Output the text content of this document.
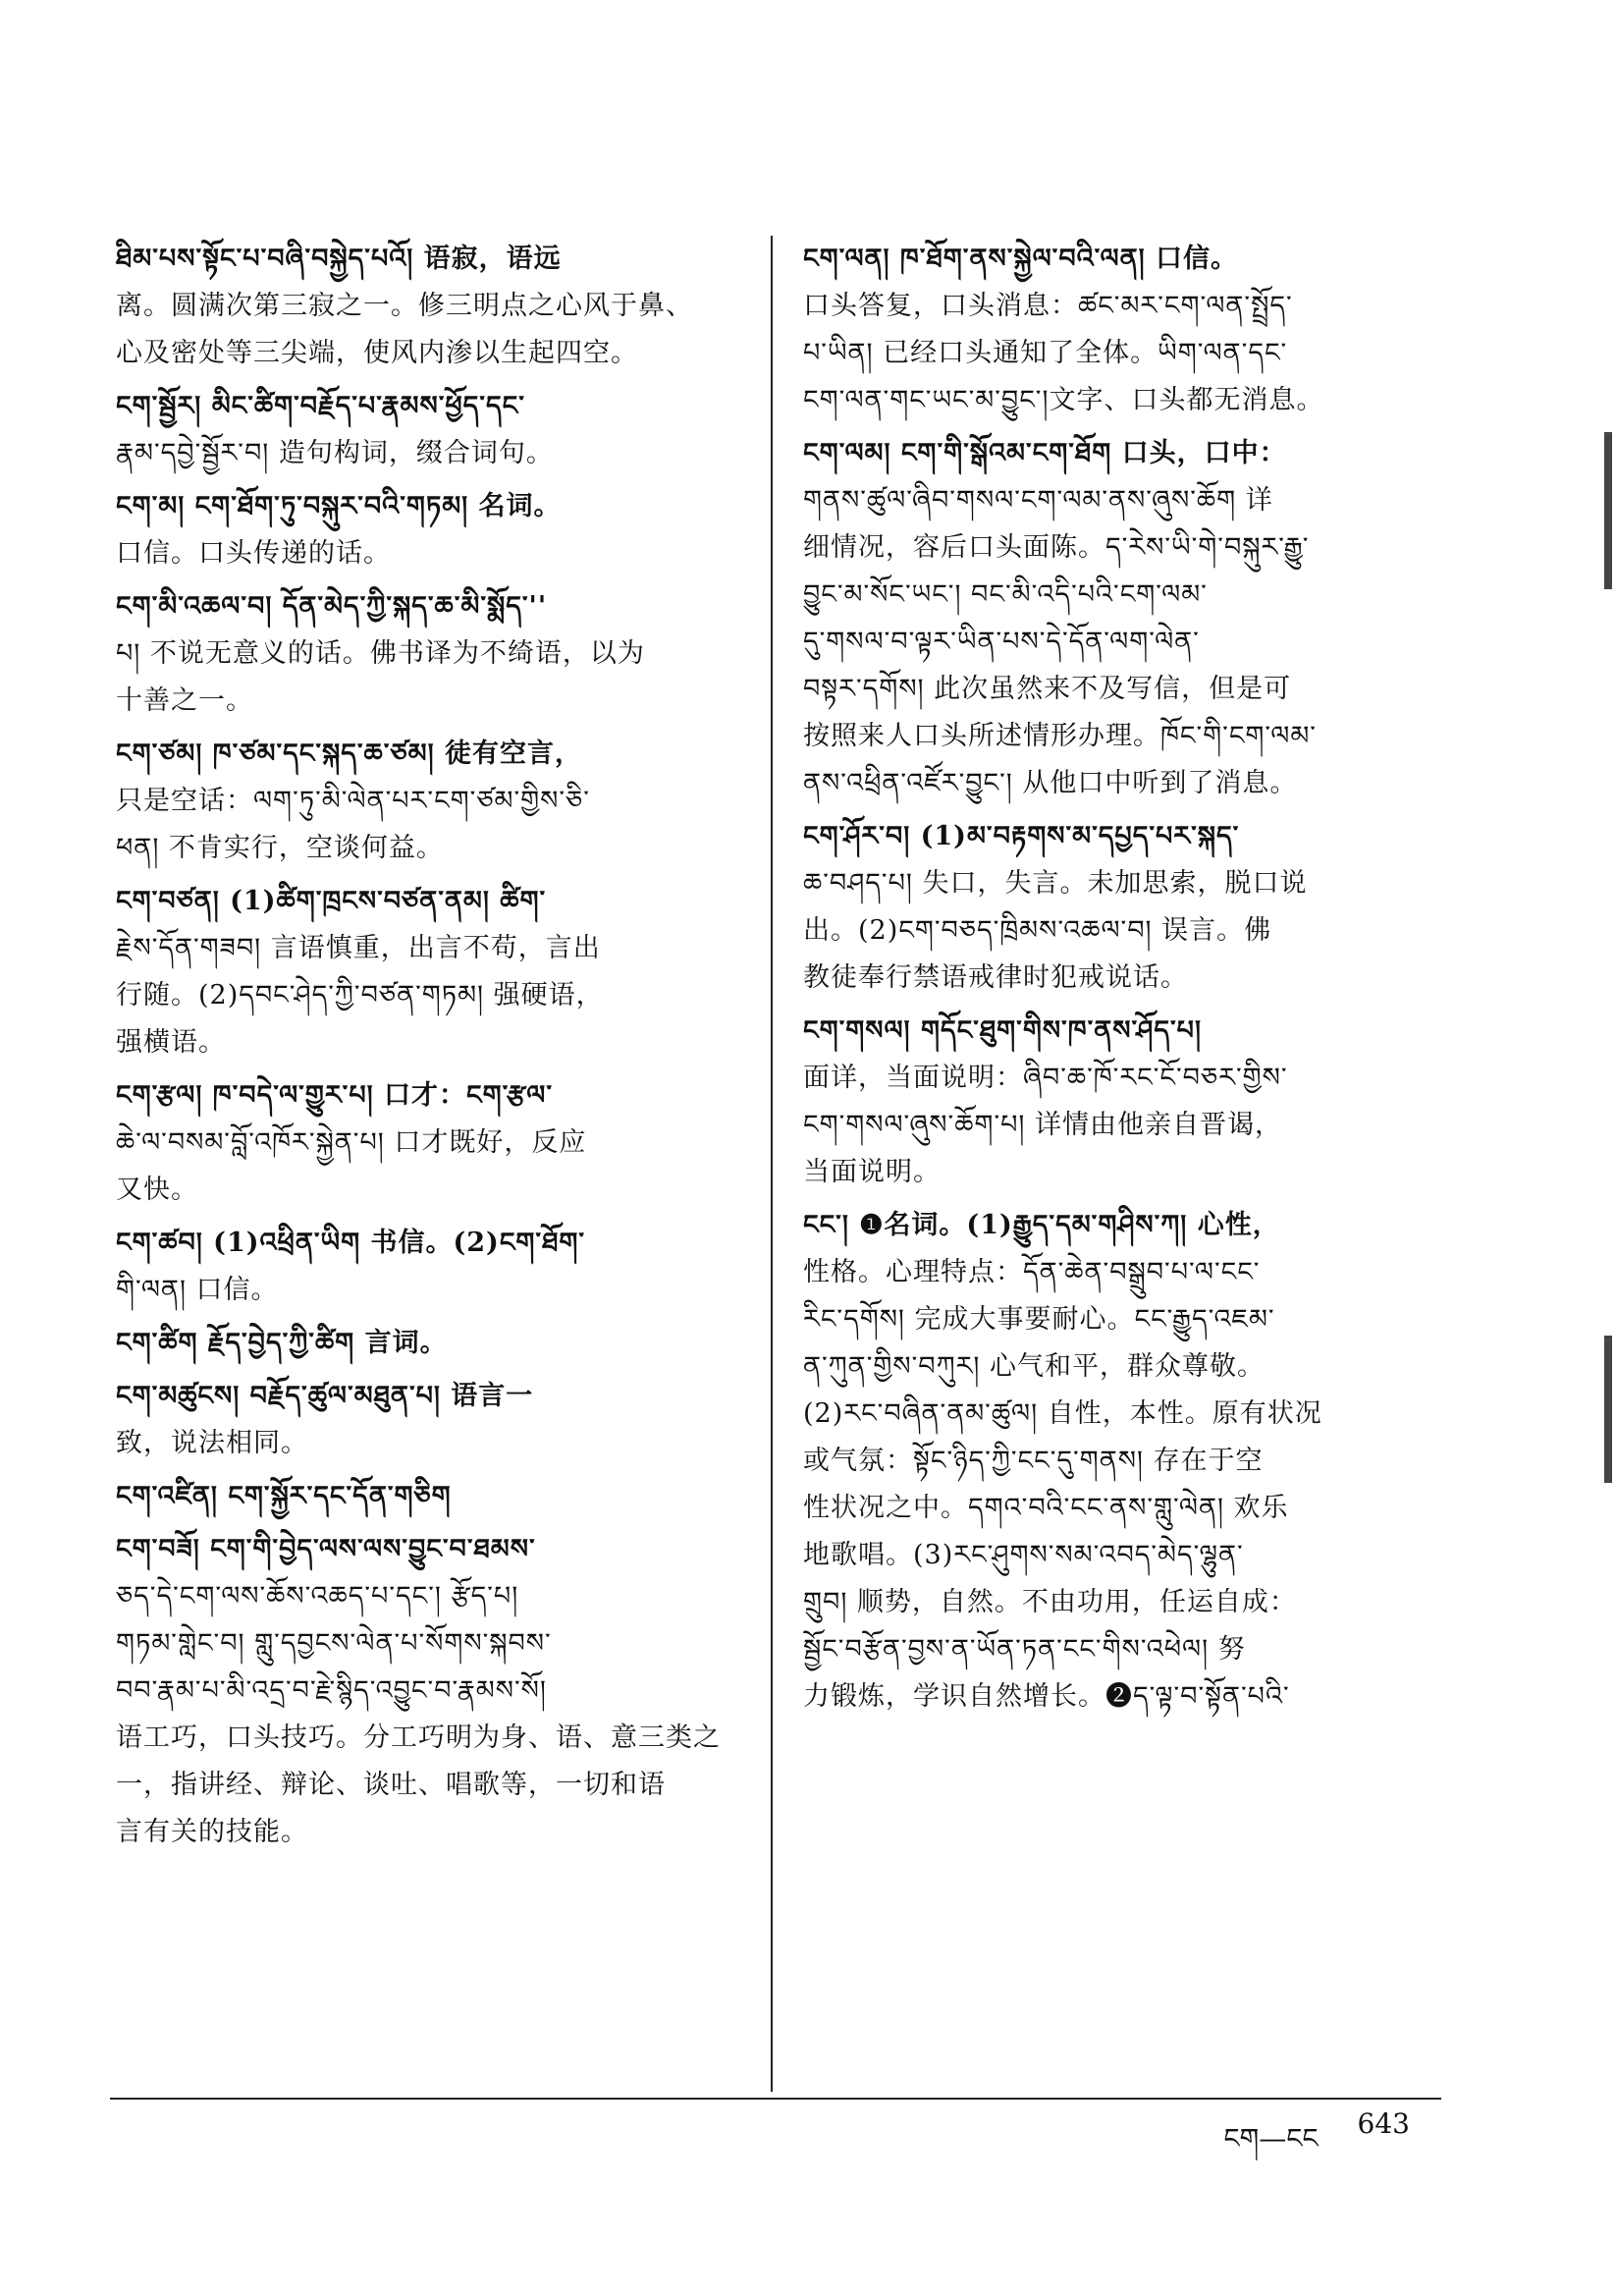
ཐིམ་པས་སྟོང་པ་བཞི་བསྐྱེད་པའོ། 语寂，语远
离。圆满次第三寂之一。修三明点之心风于鼻、
心及密处等三尖端，使风内渗以生起四空。
ངག་སྦྱོར། མིང་ཚིག་བརྗོད་པ་རྣམས་ཕྱོད་དང་
རྣམ་དབྱེ་སྦྱོར་བ། 造句构词，缀合词句。
ངག་མ། ངག་ཐོག་ཏུ་བསྐུར་བའི་གཏམ། 名词。
口信。口头传递的话。
ངག་མི་འཆལ་བ། དོན་མེད་ཀྱི་སྐད་ཆ་མི་སྨོད་''
པ། 不说无意义的话。佛书译为不绮语，以为
十善之一。
ངག་ཙམ། ཁ་ཙམ་དང་སྐད་ཆ་ཙམ། 徒有空言，
只是空话：ལག་ཏུ་མི་ལེན་པར་ངག་ཙམ་གྱིས་ཅི་
ཕན། 不肯实行，空谈何益。
ངག་བཙན། (1)ཚིག་ཁྲངས་བཙན་ནམ། ཚིག་
རྗེས་དོན་གཟབ། 言语慎重，出言不苟，言出
行随。(2)དབང་ཤེད་ཀྱི་བཙན་གཏམ། 强硬语，
强横语。
ངག་རྩལ། ཁ་བདེ་ལ་གྱུར་པ། 口才：ངག་རྩལ་
ཆེ་ལ་བསམ་བློ་འཁོར་སྐྱེན་པ། 口才既好，反应
又快。
ངག་ཚབ། (1)འཕྲིན་ཡིག 书信。(2)ངག་ཐོག་
གི་ལན། 口信。
ངག་ཚིག རྗོད་བྱེད་ཀྱི་ཚིག 言词。
ངག་མཚུངས། བརྗོད་ཚུལ་མཐུན་པ། 语言一
致，说法相同。
ངག་འཛིན། ངག་སྐྱོར་དང་དོན་གཅིག
ངག་བཟོ། ངག་གི་བྱེད་ལས་ལས་བྱུང་བ་ཐམས་
ཅད་དེ་ངག་ལས་ཆོས་འཆད་པ་དང་། རྩོད་པ།
གཏམ་གླེང་བ། གླུ་དབྱངས་ལེན་པ་སོགས་སྐབས་
བབ་རྣམ་པ་མི་འདྲ་བ་རྗེ་སྙིད་འབྱུང་བ་རྣམས་སོ།
语工巧，口头技巧。分工巧明为身、语、意三类之
一，指讲经、辩论、谈吐、唱歌等，一切和语
言有关的技能。
ངག་ལན། ཁ་ཐོག་ནས་སྐྱེལ་བའི་ལན། 口信。
口头答复，口头消息：ཚང་མར་ངག་ལན་སྤྲོད་
པ་ཡིན། 已经口头通知了全体。ཡིག་ལན་དང་
ངག་ལན་གང་ཡང་མ་བྱུང་།文字、口头都无消息。
ངག་ལམ། ངག་གི་སྒོའམ་ངག་ཐོག 口头，口中：
གནས་ཚུལ་ཞིབ་གསལ་ངག་ལམ་ནས་ཞུས་ཆོག 详
细情况，容后口头面陈。ད་རེས་ཡི་གེ་བསྐུར་རྒྱུ་
བྱུང་མ་སོང་ཡང་། བང་མི་འདི་པའི་ངག་ལམ་
དུ་གསལ་བ་ལྟར་ཡིན་པས་དེ་དོན་ལག་ལེན་
བསྟར་དགོས། 此次虽然来不及写信，但是可
按照来人口头所述情形办理。ཁོང་གི་ངག་ལམ་
ནས་འཕྲིན་འཛོར་བྱུང་། 从他口中听到了消息。
ངག་ཤོར་བ། (1)མ་བརྟགས་མ་དཔྱད་པར་སྐད་
ཆ་བཤད་པ། 失口，失言。未加思索，脱口说
出。(2)ངག་བཅད་ཁྲིམས་འཆལ་བ། 误言。佛
教徒奉行禁语戒律时犯戒说话。
ངག་གསལ། གདོང་ཐུག་གིས་ཁ་ནས་ཤོད་པ།
面详，当面说明：ཞིབ་ཆ་ཁོ་རང་ངོ་བཅར་གྱིས་
ངག་གསལ་ཞུས་ཆོག་པ། 详情由他亲自晋谒，
当面说明。
ངང་། ❶名词。(1)རྒྱུད་དམ་གཤིས་ཀ། 心性，
性格。心理特点：དོན་ཆེན་བསྒྲུབ་པ་ལ་ངང་
རིང་དགོས། 完成大事要耐心。ངང་རྒྱུད་འཇམ་
ན་ཀུན་གྱིས་བཀུར། 心气和平，群众尊敬。
(2)རང་བཞིན་ནམ་ཚུལ། 自性，本性。原有状况
或气氛：སྟོང་ཉིད་ཀྱི་ངང་དུ་གནས། 存在于空
性状况之中。དགའ་བའི་ངང་ནས་གླུ་ལེན། 欢乐
地歌唱。(3)རང་ཤུགས་སམ་འབད་མེད་ལྷུན་
གྲུབ། 顺势，自然。不由功用，任运自成：
སྦྱོང་བརྩོན་བྱས་ན་ཡོན་ཏན་ངང་གིས་འཕེལ། 努
力锻炼，学识自然增长。❷ད་ལྟ་བ་སྟོན་པའི་
ངག—ངང 643
